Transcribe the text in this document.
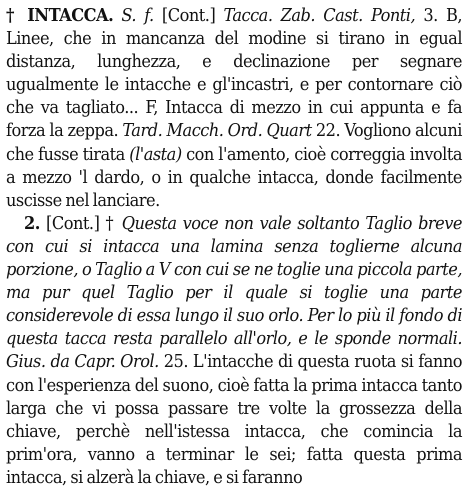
† INTACCA. S. f. [Cont.] Tacca. Zab. Cast. Ponti, 3. B, Linee, che in mancanza del modine si tirano in egual distanza, lunghezza, e declinazione per segnare ugualmente le intacche e gl'incastri, e per contornare ciò che va tagliato... F, Intacca di mezzo in cui appunta e fa forza la zeppa. Tard. Macch. Ord. Quart 22. Vogliono alcuni che fusse tirata (l'asta) con l'amento, cioè correggia involta a mezzo 'l dardo, o in qualche intacca, donde facilmente uscisse nel lanciare.

2. [Cont.] † Questa voce non vale soltanto Taglio breve con cui si intacca una lamina senza toglierne alcuna porzione, o Taglio a V con cui se ne toglie una piccola parte, ma pur quel Taglio per il quale si toglie una parte considerevole di essa lungo il suo orlo. Per lo più il fondo di questa tacca resta parallelo all'orlo, e le sponde normali. Gius. da Capr. Orol. 25. L'intacche di questa ruota si fanno con l'esperienza del suono, cioè fatta la prima intacca tanto larga che vi possa passare tre volte la grossezza della chiave, perchè nell'istessa intacca, che comincia la prim'ora, vanno a terminar le sei; fatta questa prima intacca, si alzerà la chiave, e si faranno
